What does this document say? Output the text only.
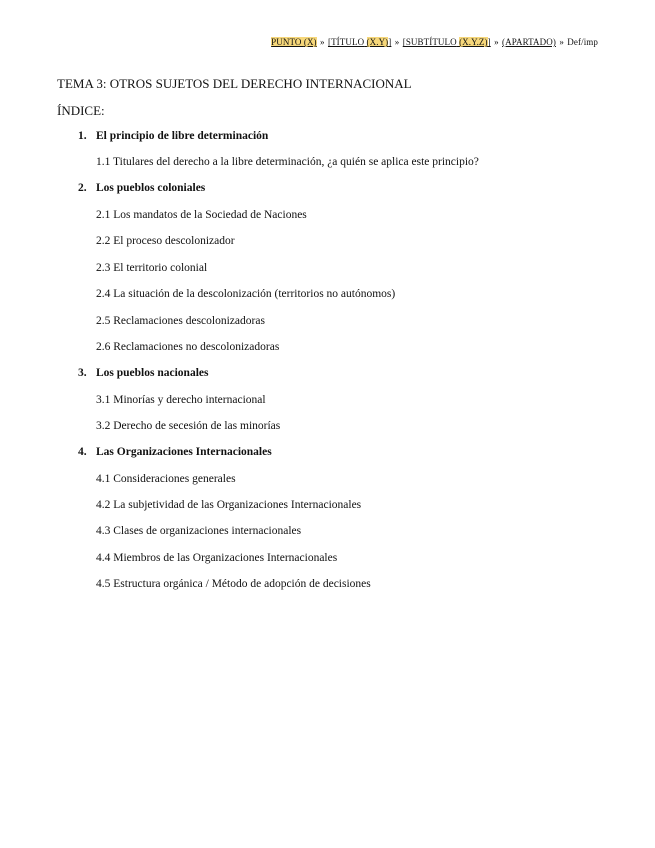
PUNTO (X) » [TÍTULO (X.Y)] » [SUBTÍTULO (X.Y.Z)] » (APARTADO) » Def/imp
TEMA 3: OTROS SUJETOS DEL DERECHO INTERNACIONAL
ÍNDICE:
1. El principio de libre determinación
1.1 Titulares del derecho a la libre determinación, ¿a quién se aplica este principio?
2. Los pueblos coloniales
2.1 Los mandatos de la Sociedad de Naciones
2.2 El proceso descolonizador
2.3 El territorio colonial
2.4 La situación de la descolonización (territorios no autónomos)
2.5 Reclamaciones descolonizadoras
2.6 Reclamaciones no descolonizadoras
3. Los pueblos nacionales
3.1 Minorías y derecho internacional
3.2 Derecho de secesión de las minorías
4. Las Organizaciones Internacionales
4.1 Consideraciones generales
4.2 La subjetividad de las Organizaciones Internacionales
4.3 Clases de organizaciones internacionales
4.4 Miembros de las Organizaciones Internacionales
4.5 Estructura orgánica / Método de adopción de decisiones
